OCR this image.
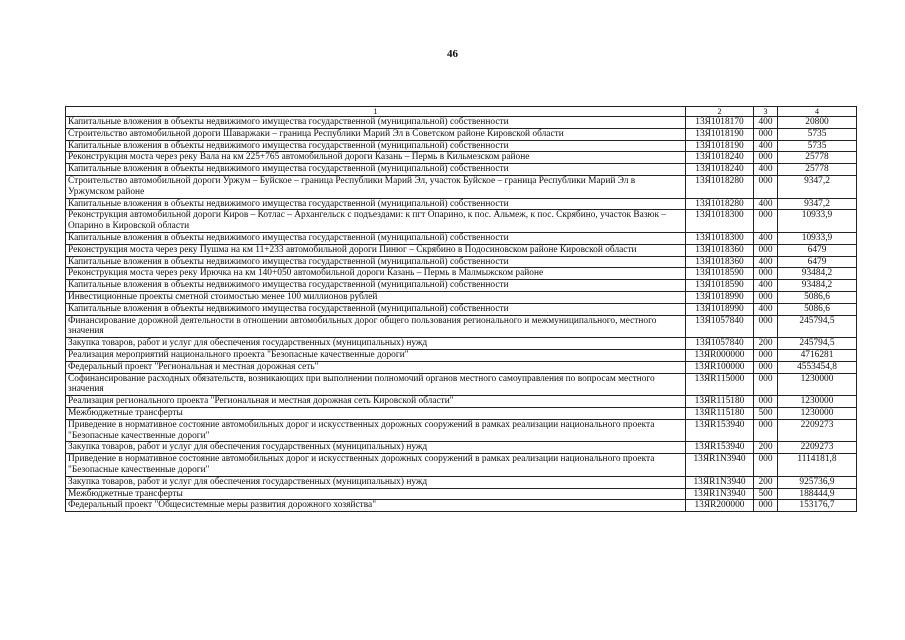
46
1	2	3	4
Капитальные вложения в объекты недвижимого имущества государственной (муниципальной) собственности	13Я1018170	400	20800
Строительство автомобильной дороги Шаваржаки – граница Республики Марий Эл в Советском районе Кировской области	13Я1018190	000	5735
Капитальные вложения в объекты недвижимого имущества государственной (муниципальной) собственности	13Я1018190	400	5735
Реконструкция моста через реку Вала на км 225+765 автомобильной дороги Казань – Пермь в Кильмезском районе	13Я1018240	000	25778
Капитальные вложения в объекты недвижимого имущества государственной (муниципальной) собственности	13Я1018240	400	25778
Строительство автомобильной дороги Уржум – Буйское – граница Республики Марий Эл, участок Буйское – граница Республики Марий Эл в Уржумском районе	13Я1018280	000	9347,2
Капитальные вложения в объекты недвижимого имущества государственной (муниципальной) собственности	13Я1018280	400	9347,2
Реконструкция автомобильной дороги Киров – Котлас – Архангельск с подъездами: к пгт Опарино, к пос. Альмеж, к пос. Скрябино, участок Вазюк – Опарино в Кировской области	13Я1018300	000	10933,9
Капитальные вложения в объекты недвижимого имущества государственной (муниципальной) собственности	13Я1018300	400	10933,9
Реконструкция моста через реку Пушма на км 11+233 автомобильной дороги Пинюг – Скрябино в Подосиновском районе Кировской области	13Я1018360	000	6479
Капитальные вложения в объекты недвижимого имущества государственной (муниципальной) собственности	13Я1018360	400	6479
Реконструкция моста через реку Ирючка на км 140+050 автомобильной дороги Казань – Пермь в Малмыжском районе	13Я1018590	000	93484,2
Капитальные вложения в объекты недвижимого имущества государственной (муниципальной) собственности	13Я1018590	400	93484,2
Инвестиционные проекты сметной стоимостью менее 100 миллионов рублей	13Я1018990	000	5086,6
Капитальные вложения в объекты недвижимого имущества государственной (муниципальной) собственности	13Я1018990	400	5086,6
Финансирование дорожной деятельности в отношении автомобильных дорог общего пользования регионального и межмуниципального, местного значения	13Я1057840	000	245794,5
Закупка товаров, работ и услуг для обеспечения государственных (муниципальных) нужд	13Я1057840	200	245794,5
Реализация мероприятий национального проекта "Безопасные качественные дороги"	13ЯR000000	000	4716281
Федеральный проект "Региональная и местная дорожная сеть"	13ЯR100000	000	4553454,8
Софинансирование расходных обязательств, возникающих при выполнении полномочий органов местного самоуправления по вопросам местного значения	13ЯR115000	000	1230000
Реализация регионального проекта "Региональная и местная дорожная сеть Кировской области"	13ЯR115180	000	1230000
Межбюджетные трансферты	13ЯR115180	500	1230000
Приведение в нормативное состояние автомобильных дорог и искусственных дорожных сооружений в рамках реализации национального проекта "Безопасные качественные дороги"	13ЯR153940	000	2209273
Закупка товаров, работ и услуг для обеспечения государственных (муниципальных) нужд	13ЯR153940	200	2209273
Приведение в нормативное состояние автомобильных дорог и искусственных дорожных сооружений в рамках реализации национального проекта "Безопасные качественные дороги"	13ЯR1N3940	000	1114181,8
Закупка товаров, работ и услуг для обеспечения государственных (муниципальных) нужд	13ЯR1N3940	200	925736,9
Межбюджетные трансферты	13ЯR1N3940	500	188444,9
Федеральный проект "Общесистемные меры развития дорожного хозяйства"	13ЯR200000	000	153176,7
